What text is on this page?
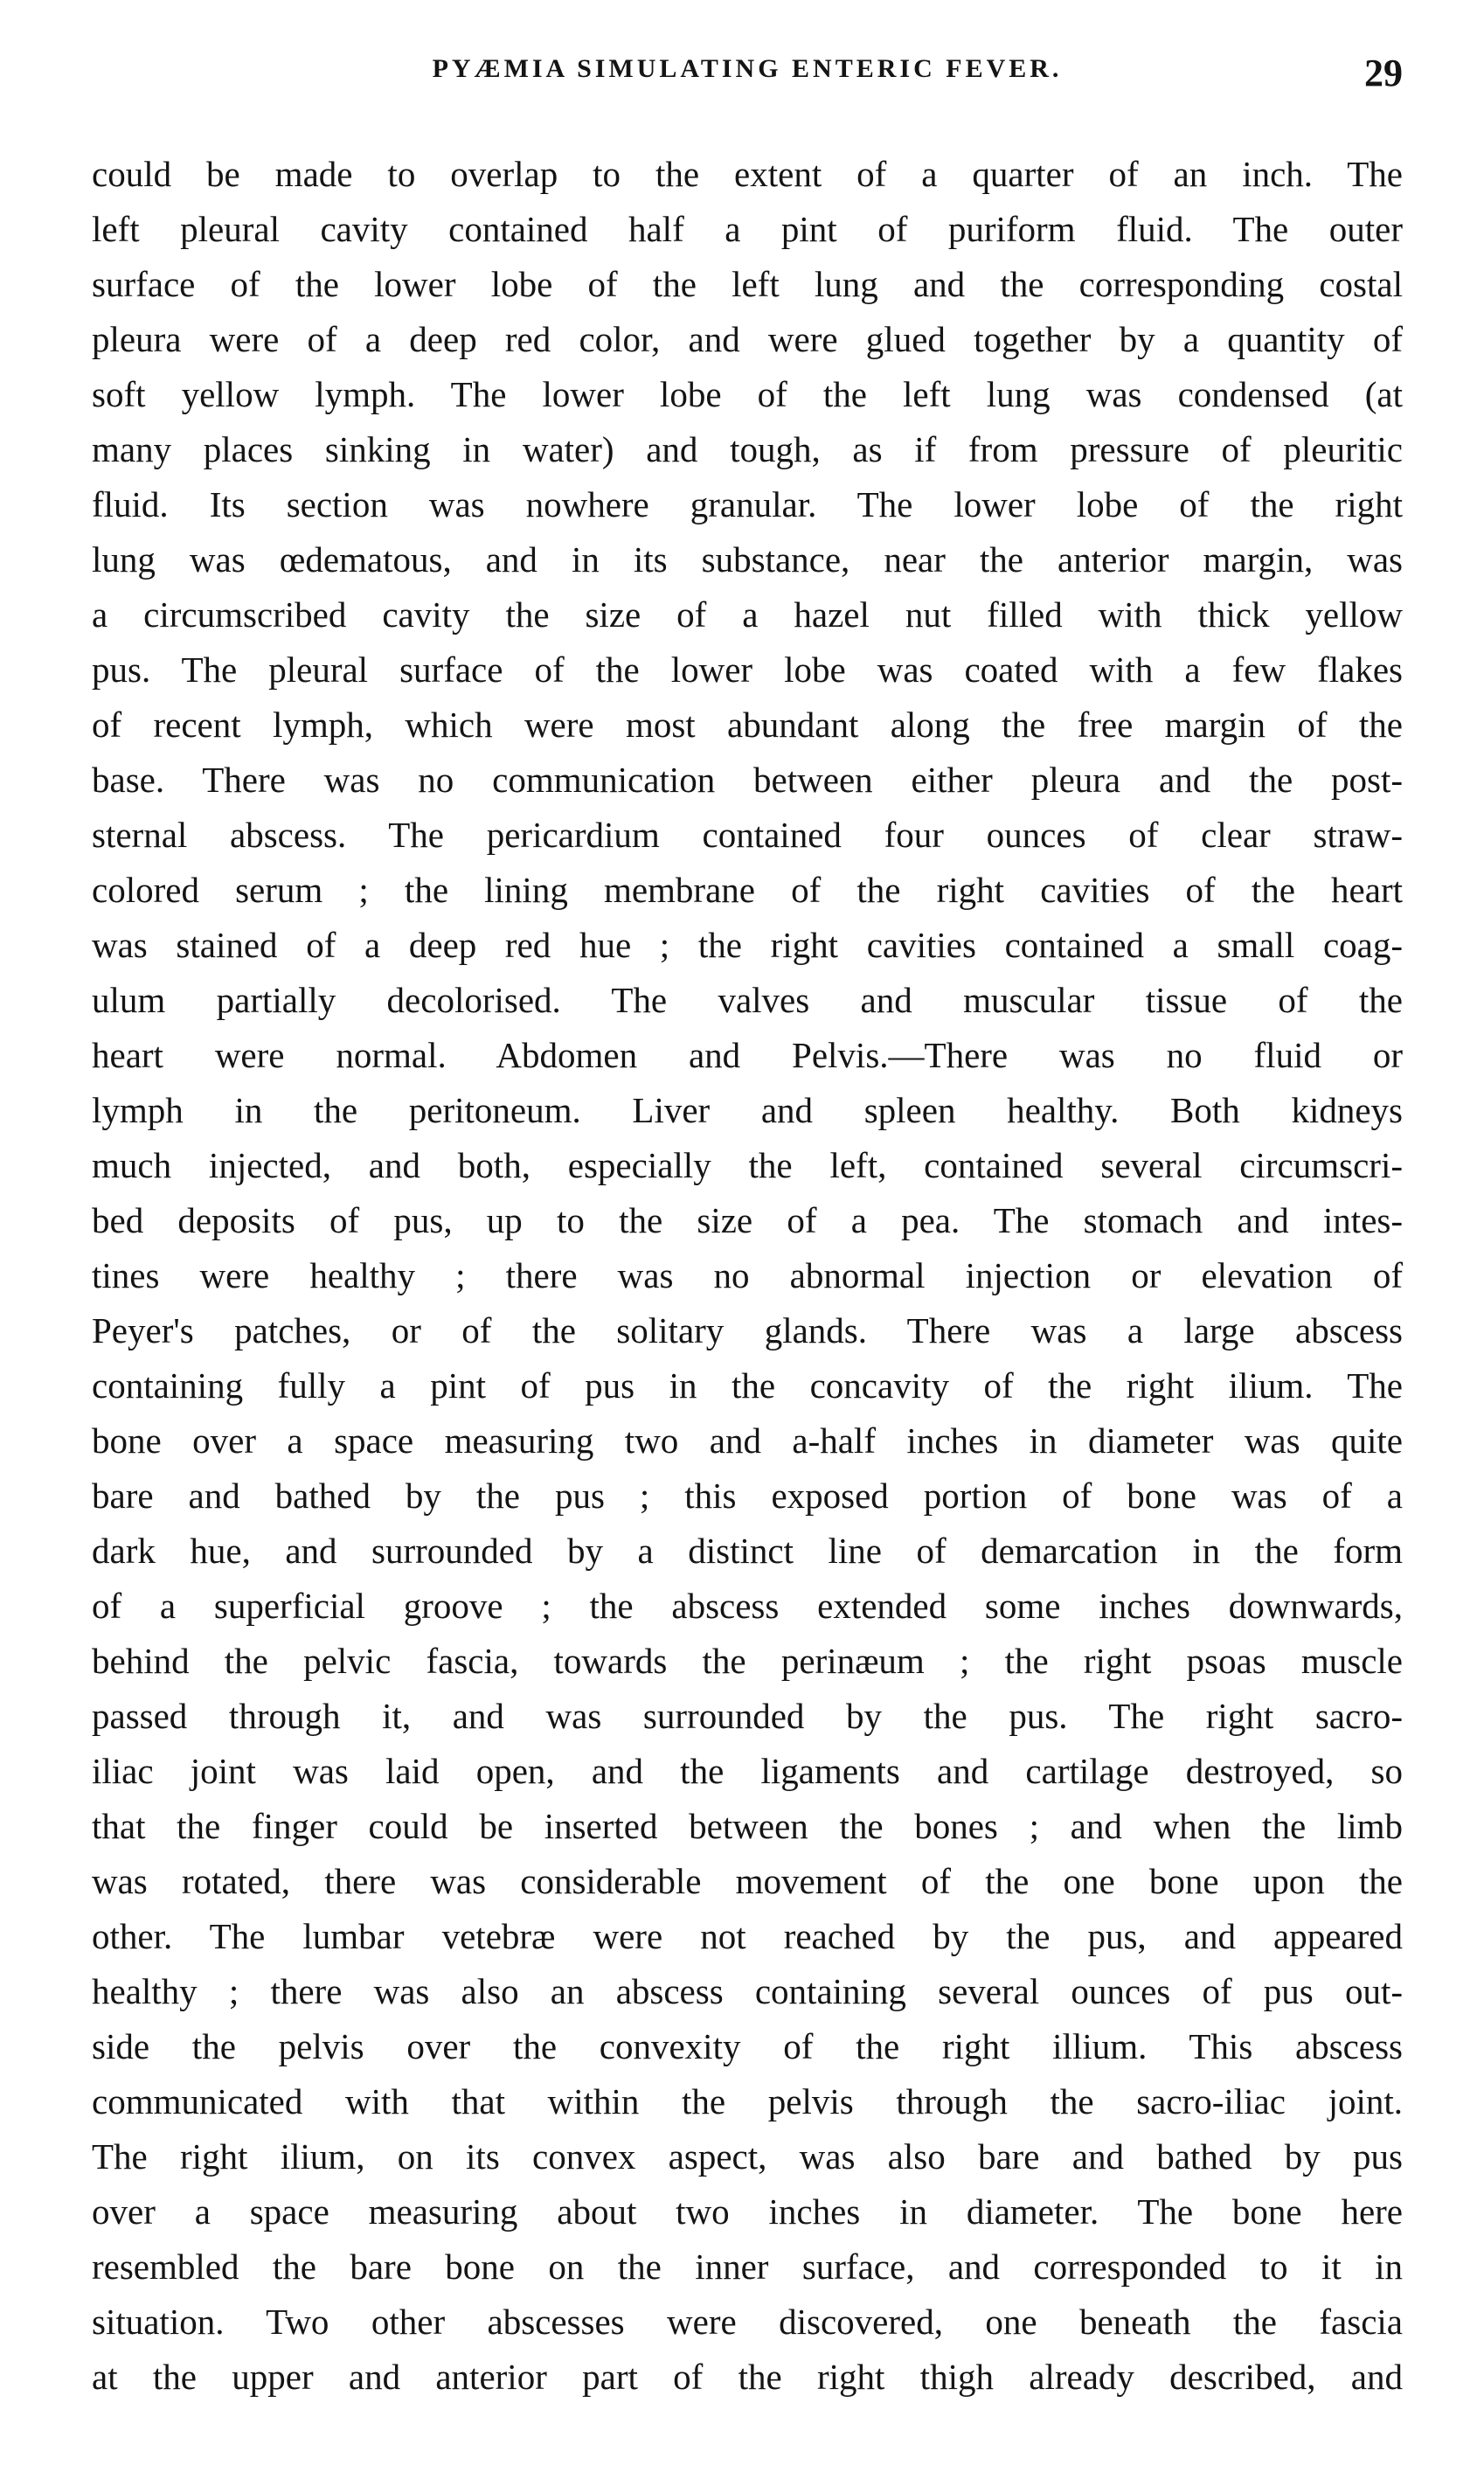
PYÆMIA SIMULATING ENTERIC FEVER.	29
could be made to overlap to the extent of a quarter of an inch. The
left pleural cavity contained half a pint of puriform fluid. The outer
surface of the lower lobe of the left lung and the corresponding costal
pleura were of a deep red color, and were glued together by a quantity of
soft yellow lymph. The lower lobe of the left lung was condensed (at
many places sinking in water) and tough, as if from pressure of pleuritic
fluid. Its section was nowhere granular. The lower lobe of the right
lung was œdematous, and in its substance, near the anterior margin, was
a circumscribed cavity the size of a hazel nut filled with thick yellow
pus. The pleural surface of the lower lobe was coated with a few flakes
of recent lymph, which were most abundant along the free margin of the
base. There was no communication between either pleura and the post-
sternal abscess. The pericardium contained four ounces of clear straw-
colored serum ; the lining membrane of the right cavities of the heart
was stained of a deep red hue ; the right cavities contained a small coag-
ulum partially decolorised. The valves and muscular tissue of the
heart were normal. Abdomen and Pelvis.—There was no fluid or
lymph in the peritoneum. Liver and spleen healthy. Both kidneys
much injected, and both, especially the left, contained several circumscri-
bed deposits of pus, up to the size of a pea. The stomach and intes-
tines were healthy ; there was no abnormal injection or elevation of
Peyer's patches, or of the solitary glands. There was a large abscess
containing fully a pint of pus in the concavity of the right ilium. The
bone over a space measuring two and a-half inches in diameter was quite
bare and bathed by the pus ; this exposed portion of bone was of a
dark hue, and surrounded by a distinct line of demarcation in the form
of a superficial groove ; the abscess extended some inches downwards,
behind the pelvic fascia, towards the perinæum ; the right psoas muscle
passed through it, and was surrounded by the pus. The right sacro-
iliac joint was laid open, and the ligaments and cartilage destroyed, so
that the finger could be inserted between the bones ; and when the limb
was rotated, there was considerable movement of the one bone upon the
other. The lumbar vetebræ were not reached by the pus, and appeared
healthy ; there was also an abscess containing several ounces of pus out-
side the pelvis over the convexity of the right illium. This abscess
communicated with that within the pelvis through the sacro-iliac joint.
The right ilium, on its convex aspect, was also bare and bathed by pus
over a space measuring about two inches in diameter. The bone here
resembled the bare bone on the inner surface, and corresponded to it in
situation. Two other abscesses were discovered, one beneath the fascia
at the upper and anterior part of the right thigh already described, and
